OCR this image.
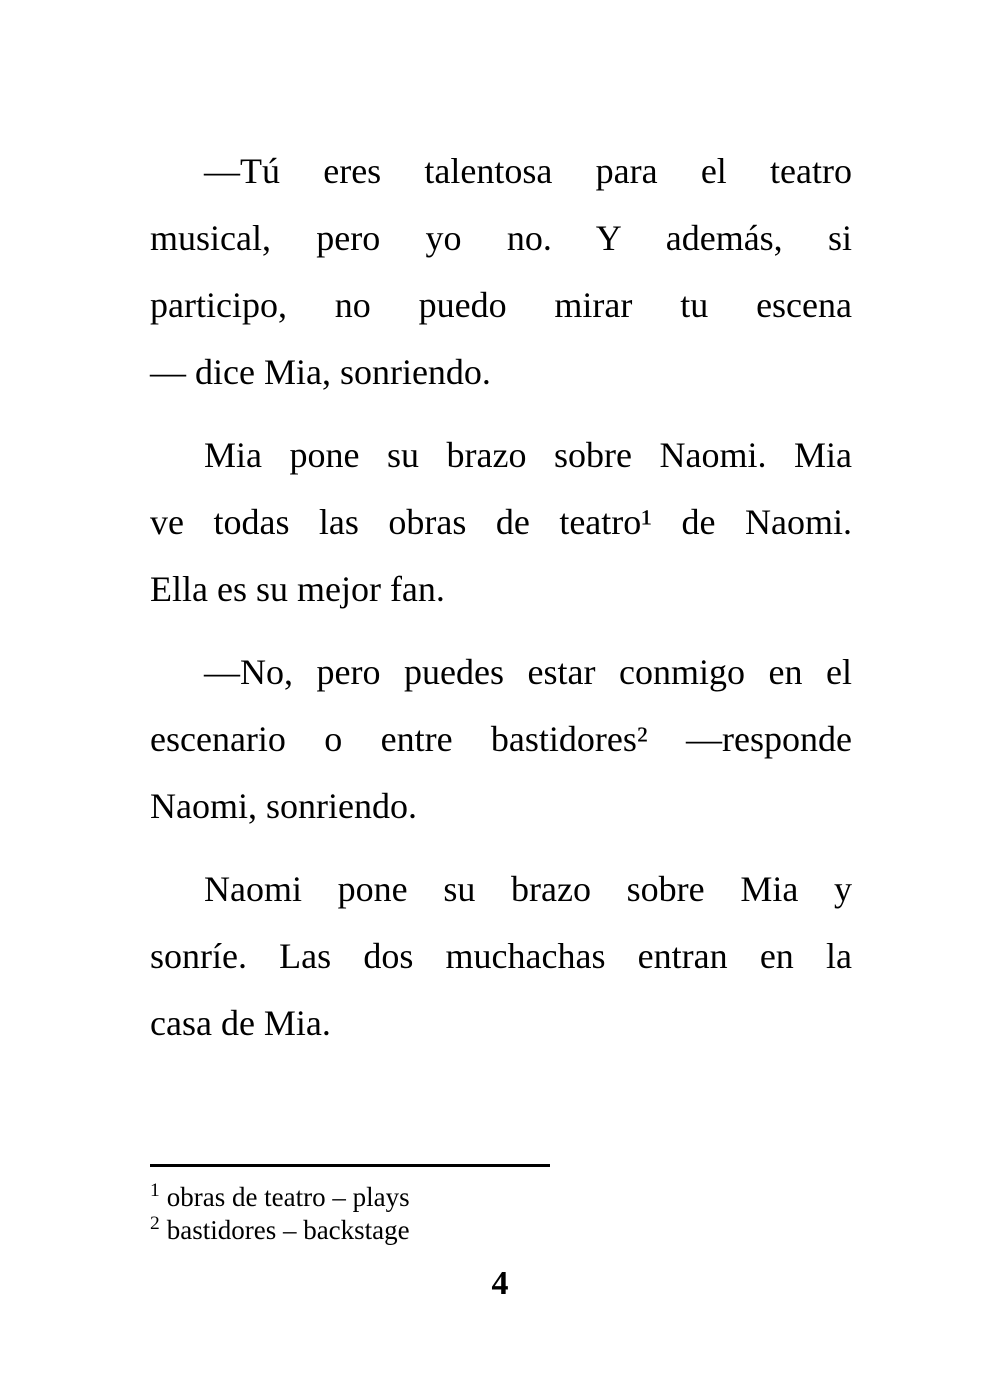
—Tú eres talentosa para el teatro
musical, pero yo no. Y además, si
participo, no puedo mirar tu escena
— dice Mia, sonriendo.

Mia pone su brazo sobre Naomi. Mia
ve todas las obras de teatro¹ de Naomi.
Ella es su mejor fan.

—No, pero puedes estar conmigo en el
escenario o entre bastidores² —responde
Naomi, sonriendo.

Naomi pone su brazo sobre Mia y
sonríe. Las dos muchachas entran en la
casa de Mia.

$^1$ obras de teatro – plays
$^2$ bastidores – backstage
4
